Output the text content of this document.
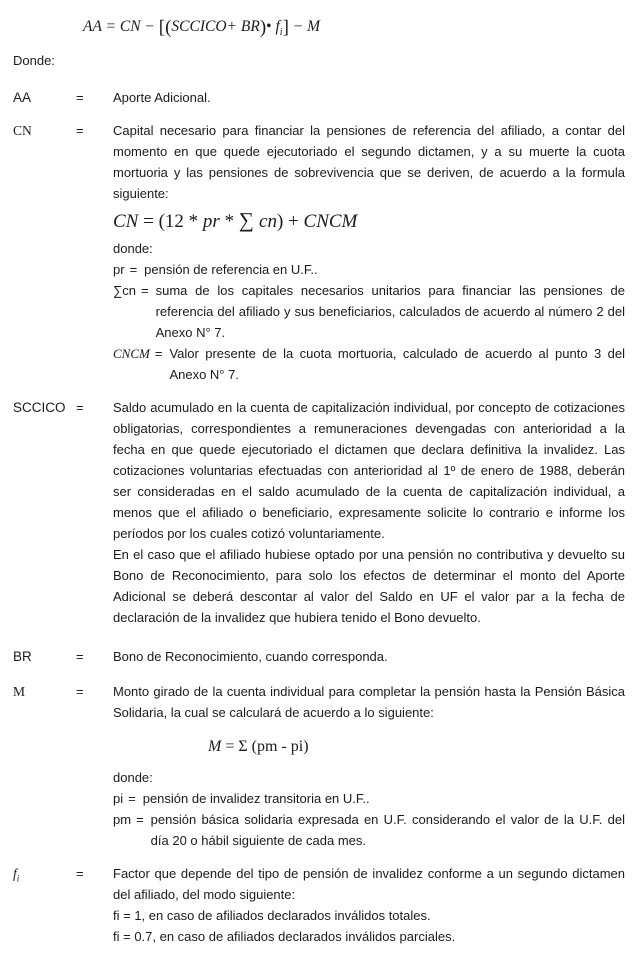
AA = CN − [(SCCICO+ BR)• $f_i] - M$
Donde:
AA	=	Aporte Adicional.

CN	=	Capital necesario para financiar la pensiones de referencia del afiliado, a contar del momento en que quede ejecutoriado el segundo dictamen, y a su muerte la cuota mortuoria y las pensiones de sobrevivencia que se deriven, de acuerdo a la formula siguiente:

CN = (12 * pr * ∑ cn) + CNCM
donde:
pr = pensión de referencia en U.F..
∑cn = suma de los capitales necesarios unitarios para financiar las pensiones de referencia del afiliado y sus beneficiarios, calculados de acuerdo al número 2 del Anexo N° 7.
CNCM = Valor presente de la cuota mortuoria, calculado de acuerdo al punto 3 del Anexo N° 7.
SCCICO =	Saldo acumulado en la cuenta de capitalización individual, por concepto de cotizaciones obligatorias, correspondientes a remuneraciones devengadas con anterioridad a la fecha en que quede ejecutoriado el dictamen que declara definitiva la invalidez. Las cotizaciones voluntarias efectuadas con anterioridad al 1º de enero de 1988, deberán ser consideradas en el saldo acumulado de la cuenta de capitalización individual, a menos que el afiliado o beneficiario, expresamente solicite lo contrario e informe los períodos por los cuales cotizó voluntariamente.

En el caso que el afiliado hubiese optado por una pensión no contributiva y devuelto su Bono de Reconocimiento, para solo los efectos de determinar el monto del Aporte Adicional se deberá descontar al valor del Saldo en UF el valor par a la fecha de declaración de la invalidez que hubiera tenido el Bono devuelto.

BR	=	Bono de Reconocimiento, cuando corresponda.

M	=	Monto girado de la cuenta individual para completar la pensión hasta la Pensión Básica Solidaria, la cual se calculará de acuerdo a lo siguiente:

M = Σ (pm - pi)
donde:
pi = pensión de invalidez transitoria en U.F..
pm = pensión básica solidaria expresada en U.F. considerando el valor de la U.F. del día 20 o hábil siguiente de cada mes.
$f_i$	=	Factor que depende del tipo de pensión de invalidez conforme a un segundo dictamen del afiliado, del modo siguiente:

fi = 1, en caso de afiliados declarados inválidos totales.
fi = 0.7, en caso de afiliados declarados inválidos parciales.
